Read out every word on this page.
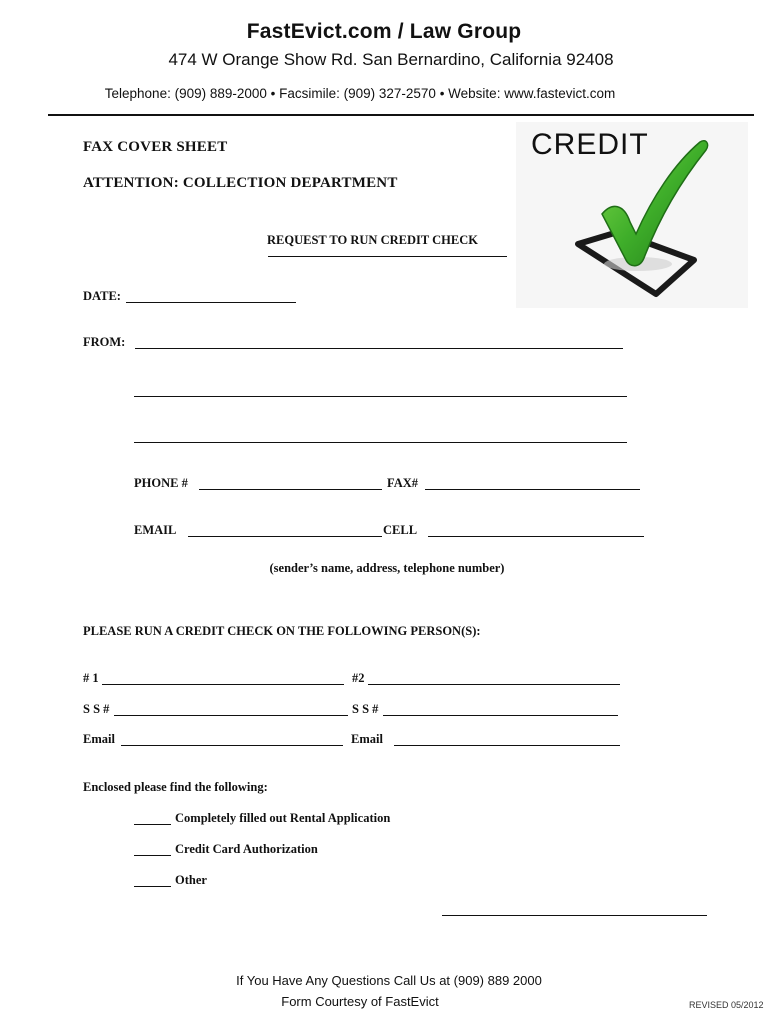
FastEvict.com / Law Group
474 W Orange Show Rd. San Bernardino, California 92408
Telephone: (909) 889-2000 • Facsimile: (909) 327-2570 • Website: www.fastevict.com
FAX COVER SHEET
ATTENTION: COLLECTION DEPARTMENT
CREDIT
REQUEST TO RUN CREDIT CHECK
DATE:
FROM:
PHONE #	FAX#
EMAIL	CELL
(sender’s name, address, telephone number)
PLEASE RUN A CREDIT CHECK ON THE FOLLOWING PERSON(S):
# 1	#2
S S #	S S #
Email	Email
Enclosed please find the following:
Completely filled out Rental Application
Credit Card Authorization
Other
If You Have Any Questions Call Us at (909) 889 2000
Form Courtesy of FastEvict	REVISED 05/2012
